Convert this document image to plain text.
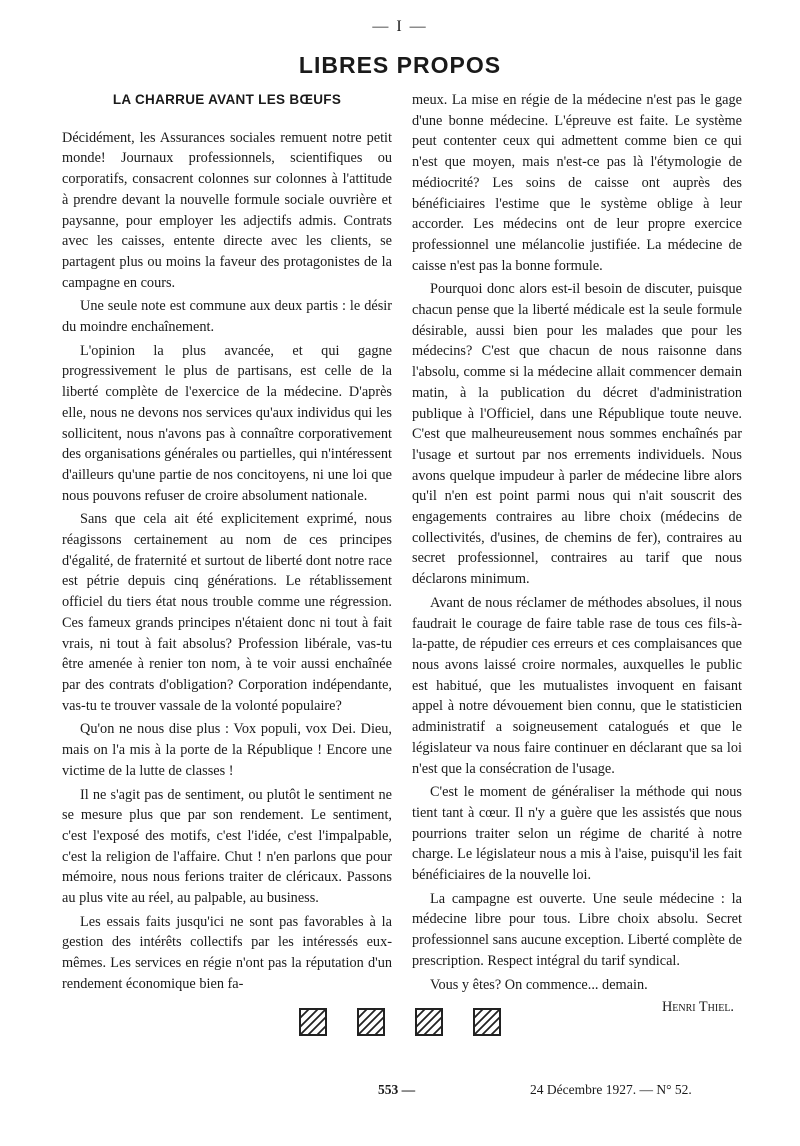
— I —
LIBRES PROPOS
LA CHARRUE AVANT LES BŒUFS

Décidément, les Assurances sociales remuent notre petit monde! Journaux professionnels, scientifiques ou corporatifs, consacrent colonnes sur colonnes à l'attitude à prendre devant la nouvelle formule sociale ouvrière et paysanne, pour employer les adjectifs admis. Contrats avec les caisses, entente directe avec les clients, se partagent plus ou moins la faveur des protagonistes de la campagne en cours.

Une seule note est commune aux deux partis : le désir du moindre enchaînement.

L'opinion la plus avancée, et qui gagne progressivement le plus de partisans, est celle de la liberté complète de l'exercice de la médecine. D'après elle, nous ne devons nos services qu'aux individus qui les sollicitent, nous n'avons pas à connaître corporativement des organisations générales ou partielles, qui n'intéressent d'ailleurs qu'une partie de nos concitoyens, ni une loi que nous pouvons refuser de croire absolument nationale.

Sans que cela ait été explicitement exprimé, nous réagissons certainement au nom de ces principes d'égalité, de fraternité et surtout de liberté dont notre race est pétrie depuis cinq générations. Le rétablissement officiel du tiers état nous trouble comme une régression. Ces fameux grands principes n'étaient donc ni tout à fait vrais, ni tout à fait absolus? Profession libérale, vas-tu être amenée à renier ton nom, à te voir aussi enchaînée par des contrats d'obligation? Corporation indépendante, vas-tu te trouver vassale de la volonté populaire?

Qu'on ne nous dise plus : Vox populi, vox Dei. Dieu, mais on l'a mis à la porte de la République ! Encore une victime de la lutte de classes !

Il ne s'agit pas de sentiment, ou plutôt le sentiment ne se mesure plus que par son rendement. Le sentiment, c'est l'exposé des motifs, c'est l'idée, c'est l'impalpable, c'est la religion de l'affaire. Chut ! n'en parlons que pour mémoire, nous nous ferions traiter de cléricaux. Passons au plus vite au réel, au palpable, au business.

Les essais faits jusqu'ici ne sont pas favorables à la gestion des intérêts collectifs par les intéressés eux-mêmes. Les services en régie n'ont pas la réputation d'un rendement économique bien fa-

meux. La mise en régie de la médecine n'est pas le gage d'une bonne médecine. L'épreuve est faite. Le système peut contenter ceux qui admettent comme bien ce qui n'est que moyen, mais n'est-ce pas là l'étymologie de médiocrité? Les soins de caisse ont auprès des bénéficiaires l'estime que le système oblige à leur accorder. Les médecins ont de leur propre exercice professionnel une mélancolie justifiée. La médecine de caisse n'est pas la bonne formule.

Pourquoi donc alors est-il besoin de discuter, puisque chacun pense que la liberté médicale est la seule formule désirable, aussi bien pour les malades que pour les médecins? C'est que chacun de nous raisonne dans l'absolu, comme si la médecine allait commencer demain matin, à la publication du décret d'administration publique à l'Officiel, dans une République toute neuve. C'est que malheureusement nous sommes enchaînés par l'usage et surtout par nos errements individuels. Nous avons quelque impudeur à parler de médecine libre alors qu'il n'en est point parmi nous qui n'ait souscrit des engagements contraires au libre choix (médecins de collectivités, d'usines, de chemins de fer), contraires au secret professionnel, contraires au tarif que nous déclarons minimum.

Avant de nous réclamer de méthodes absolues, il nous faudrait le courage de faire table rase de tous ces fils-à-la-patte, de répudier ces erreurs et ces complaisances que nous avons laissé croire normales, auxquelles le public est habitué, que les mutualistes invoquent en faisant appel à notre dévouement bien connu, que le statisticien administratif a soigneusement catalogués et que le législateur va nous faire continuer en déclarant que sa loi n'est que la consécration de l'usage.

C'est le moment de généraliser la méthode qui nous tient tant à cœur. Il n'y a guère que les assistés que nous pourrions traiter selon un régime de charité à notre charge. Le législateur nous a mis à l'aise, puisqu'il les fait bénéficiaires de la nouvelle loi.

La campagne est ouverte. Une seule médecine : la médecine libre pour tous. Libre choix absolu. Secret professionnel sans aucune exception. Liberté complète de prescription. Respect intégral du tarif syndical.

Vous y êtes? On commence... demain.

Henri Thiel.
553 —	24 Décembre 1927. — N° 52.
